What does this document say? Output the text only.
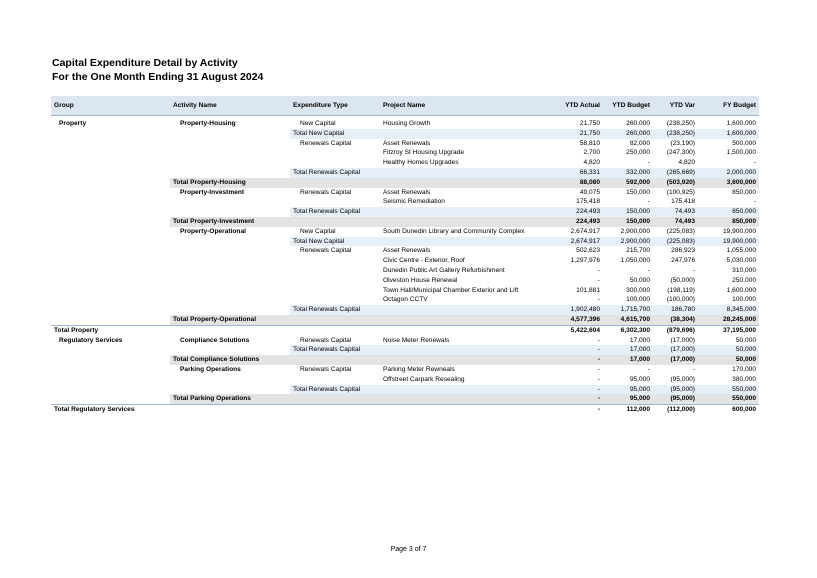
Capital Expenditure Detail by Activity
For the One Month Ending 31 August 2024
Group	Activity Name	Expenditure Type	Project Name	YTD Actual	YTD Budget	YTD Var	FY Budget

Property	Property-Housing	New Capital	Housing Growth	21,750	260,000	(238,250)	1,600,000
		Total New Capital		21,750	260,000	(238,250)	1,600,000
		Renewals Capital	Asset Renewals	58,810	82,000	(23,190)	500,000
			Fitzroy St Housing Upgrade	2,700	250,000	(247,300)	1,500,000
			Healthy Homes Upgrades	4,820	-	4,820	-
		Total Renewals Capital		66,331	332,000	(265,669)	2,000,000
	Total Property-Housing			88,080	592,000	(503,920)	3,600,000
	Property-Investment	Renewals Capital	Asset Renewals	49,075	150,000	(100,925)	850,000
			Seismic Remediation	175,418	-	175,418	-
		Total Renewals Capital		224,493	150,000	74,493	850,000
	Total Property-Investment			224,493	150,000	74,493	850,000
	Property-Operational	New Capital	South Dunedin Library and Community Complex	2,674,917	2,900,000	(225,083)	19,900,000
		Total New Capital		2,674,917	2,900,000	(225,083)	19,900,000
		Renewals Capital	Asset Renewals	502,623	215,700	286,923	1,055,000
			Civic Centre - Exterior, Roof	1,297,976	1,050,000	247,976	5,030,000
			Dunedin Public Art Gallery Refurbishment	-	-	-	310,000
			Olveston House Renewal	-	50,000	(50,000)	250,000
			Town Hall/Municipal Chamber Exterior and Lift	101,881	300,000	(198,119)	1,600,000
			Octagon CCTV	-	100,000	(100,000)	100,000
		Total Renewals Capital		1,902,480	1,715,700	186,780	8,345,000
	Total Property-Operational			4,577,396	4,615,700	(38,304)	28,245,000
Total Property				5,422,604	6,302,300	(879,696)	37,195,000
Regulatory Services	Compliance Solutions	Renewals Capital	Noise Meter Renewals	-	17,000	(17,000)	50,000
		Total Renewals Capital		-	17,000	(17,000)	50,000
	Total Compliance Solutions			-	17,000	(17,000)	50,000
	Parking Operations	Renewals Capital	Parking Meter Rewneals	-	-	-	170,000
			Offstreet Carpark Resealing	-	95,000	(95,000)	380,000
		Total Renewals Capital		-	95,000	(95,000)	550,000
	Total Parking Operations			-	95,000	(95,000)	550,000
Total Regulatory Services				-	112,000	(112,000)	600,000
Page 3 of 7
